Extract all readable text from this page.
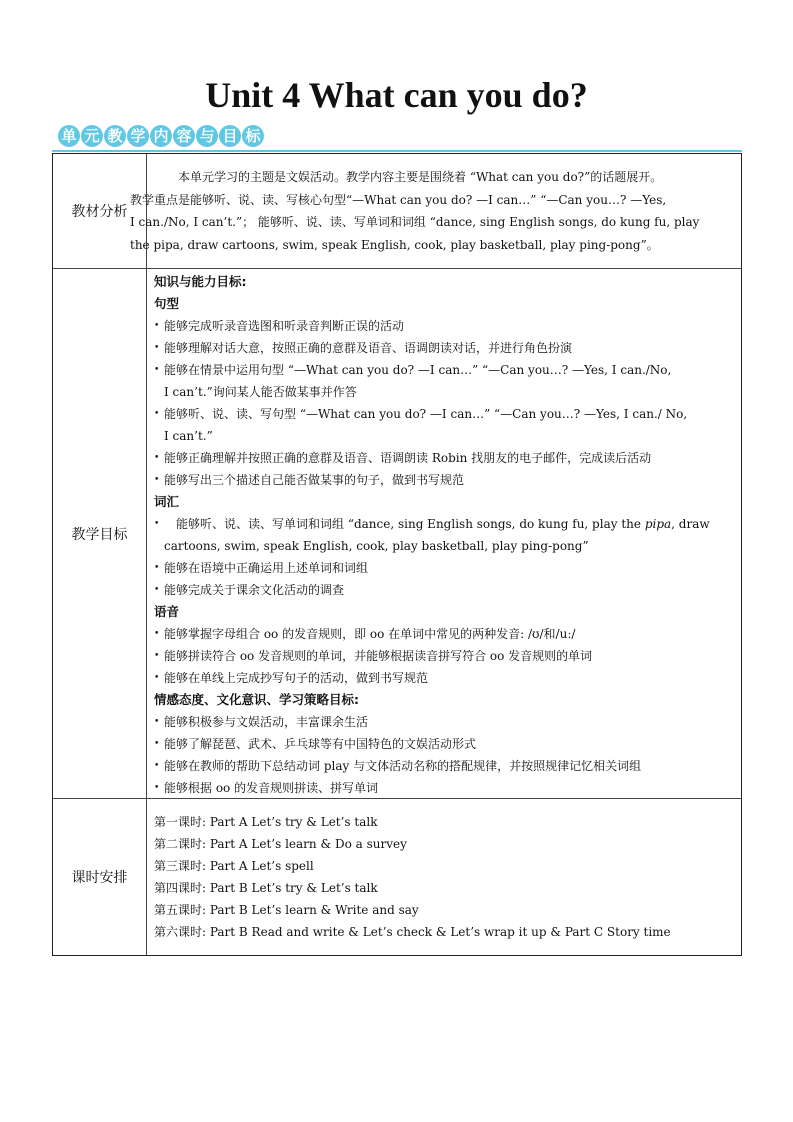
Unit 4 What can you do?
单 元 教 学 内 容 与 目 标
教材分析
本单元学习的主题是文娱活动。教学内容主要是围绕着 “What can you do?”的话题展开。
教学重点是能够听、说、读、写核心句型“—What can you do? —I can…” “—Can you…? —Yes,
I can./No, I can’t.”； 能够听、说、读、写单词和词组 “dance, sing English songs, do kung fu, play
the pipa, draw cartoons, swim, speak English, cook, play basketball, play ping-pong”。
教学目标
知识与能力目标:
句型
• 能够完成听录音选图和听录音判断正误的活动
• 能够理解对话大意，按照正确的意群及语音、语调朗读对话，并进行角色扮演
• 能够在情景中运用句型 “—What can you do? —I can…” “—Can you…? —Yes, I can./No,
I can’t.”询问某人能否做某事并作答
• 能够听、说、读、写句型 “—What can you do? —I can…” “—Can you…? —Yes, I can./ No,
I can’t.”
• 能够正确理解并按照正确的意群及语音、语调朗读 Robin 找朋友的电子邮件，完成读后活动
• 能够写出三个描述自己能否做某事的句子，做到书写规范
词汇
• 能够听、说、读、写单词和词组 “dance, sing English songs, do kung fu, play the pipa, draw
cartoons, swim, speak English, cook, play basketball, play ping-pong”
• 能够在语境中正确运用上述单词和词组
• 能够完成关于课余文化活动的调查
语音
• 能够掌握字母组合 oo 的发音规则，即 oo 在单词中常见的两种发音: /ʊ/和/uː/
• 能够拼读符合 oo 发音规则的单词，并能够根据读音拼写符合 oo 发音规则的单词
• 能够在单线上完成抄写句子的活动，做到书写规范
情感态度、文化意识、学习策略目标:
• 能够积极参与文娱活动，丰富课余生活
• 能够了解琵琶、武术、乒乓球等有中国特色的文娱活动形式
• 能够在教师的帮助下总结动词 play 与文体活动名称的搭配规律，并按照规律记忆相关词组
• 能够根据 oo 的发音规则拼读、拼写单词
课时安排
第一课时: Part A Let’s try & Let’s talk
第二课时: Part A Let’s learn & Do a survey
第三课时: Part A Let’s spell
第四课时: Part B Let’s try & Let’s talk
第五课时: Part B Let’s learn & Write and say
第六课时: Part B Read and write & Let’s check & Let’s wrap it up & Part C Story time
